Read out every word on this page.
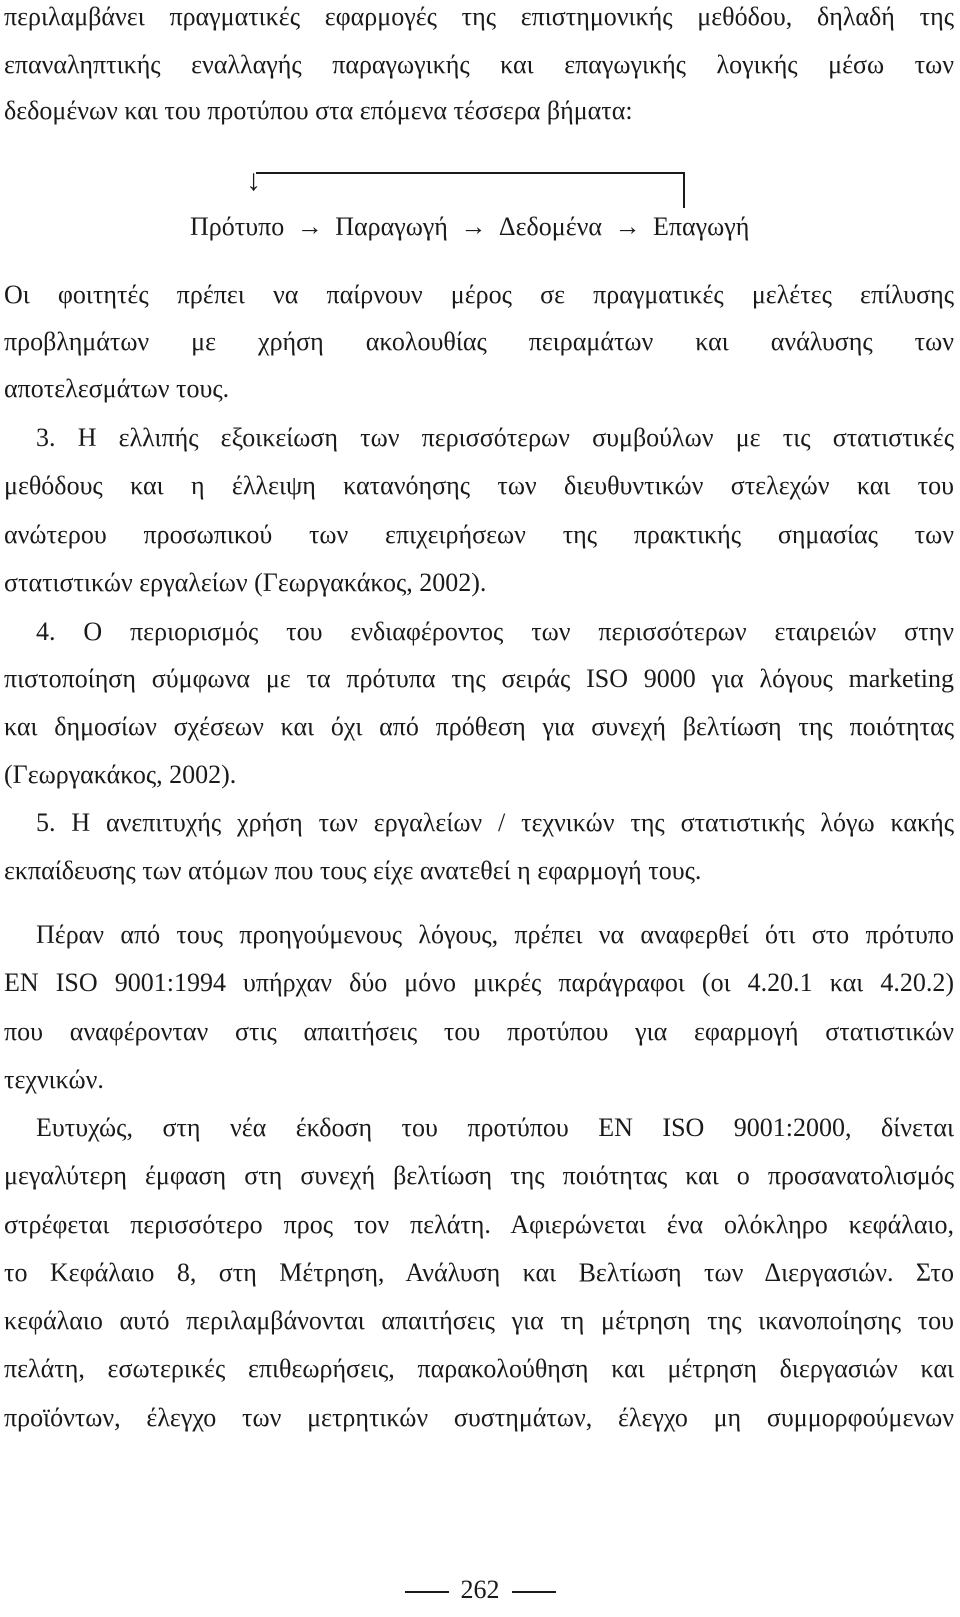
περιλαμβάνει πραγματικές εφαρμογές της επιστημονικής μεθόδου, δηλαδή της
επαναληπτικής εναλλαγής παραγωγικής και επαγωγικής λογικής μέσω των
δεδομένων και του προτύπου στα επόμενα τέσσερα βήματα:
↓
Πρότυπο → Παραγωγή → Δεδομένα → Επαγωγή
Οι φοιτητές πρέπει να παίρνουν μέρος σε πραγματικές μελέτες επίλυσης
προβλημάτων με χρήση ακολουθίας πειραμάτων και ανάλυσης των
αποτελεσμάτων τους.
3. Η ελλιπής εξοικείωση των περισσότερων συμβούλων με τις στατιστικές
μεθόδους και η έλλειψη κατανόησης των διευθυντικών στελεχών και του
ανώτερου προσωπικού των επιχειρήσεων της πρακτικής σημασίας των
στατιστικών εργαλείων (Γεωργακάκος, 2002).
4. Ο περιορισμός του ενδιαφέροντος των περισσότερων εταιρειών στην
πιστοποίηση σύμφωνα με τα πρότυπα της σειράς ISO 9000 για λόγους marketing
και δημοσίων σχέσεων και όχι από πρόθεση για συνεχή βελτίωση της ποιότητας
(Γεωργακάκος, 2002).
5. Η ανεπιτυχής χρήση των εργαλείων / τεχνικών της στατιστικής λόγω κακής
εκπαίδευσης των ατόμων που τους είχε ανατεθεί η εφαρμογή τους.
Πέραν από τους προηγούμενους λόγους, πρέπει να αναφερθεί ότι στο πρότυπο
EN ISO 9001:1994 υπήρχαν δύο μόνο μικρές παράγραφοι (οι 4.20.1 και 4.20.2)
που αναφέρονταν στις απαιτήσεις του προτύπου για εφαρμογή στατιστικών
τεχνικών.
Ευτυχώς, στη νέα έκδοση του προτύπου EN ISO 9001:2000, δίνεται
μεγαλύτερη έμφαση στη συνεχή βελτίωση της ποιότητας και ο προσανατολισμός
στρέφεται περισσότερο προς τον πελάτη. Αφιερώνεται ένα ολόκληρο κεφάλαιο,
το Κεφάλαιο 8, στη Μέτρηση, Ανάλυση και Βελτίωση των Διεργασιών. Στο
κεφάλαιο αυτό περιλαμβάνονται απαιτήσεις για τη μέτρηση της ικανοποίησης του
πελάτη, εσωτερικές επιθεωρήσεις, παρακολούθηση και μέτρηση διεργασιών και
προϊόντων, έλεγχο των μετρητικών συστημάτων, έλεγχο μη συμμορφούμενων
262
